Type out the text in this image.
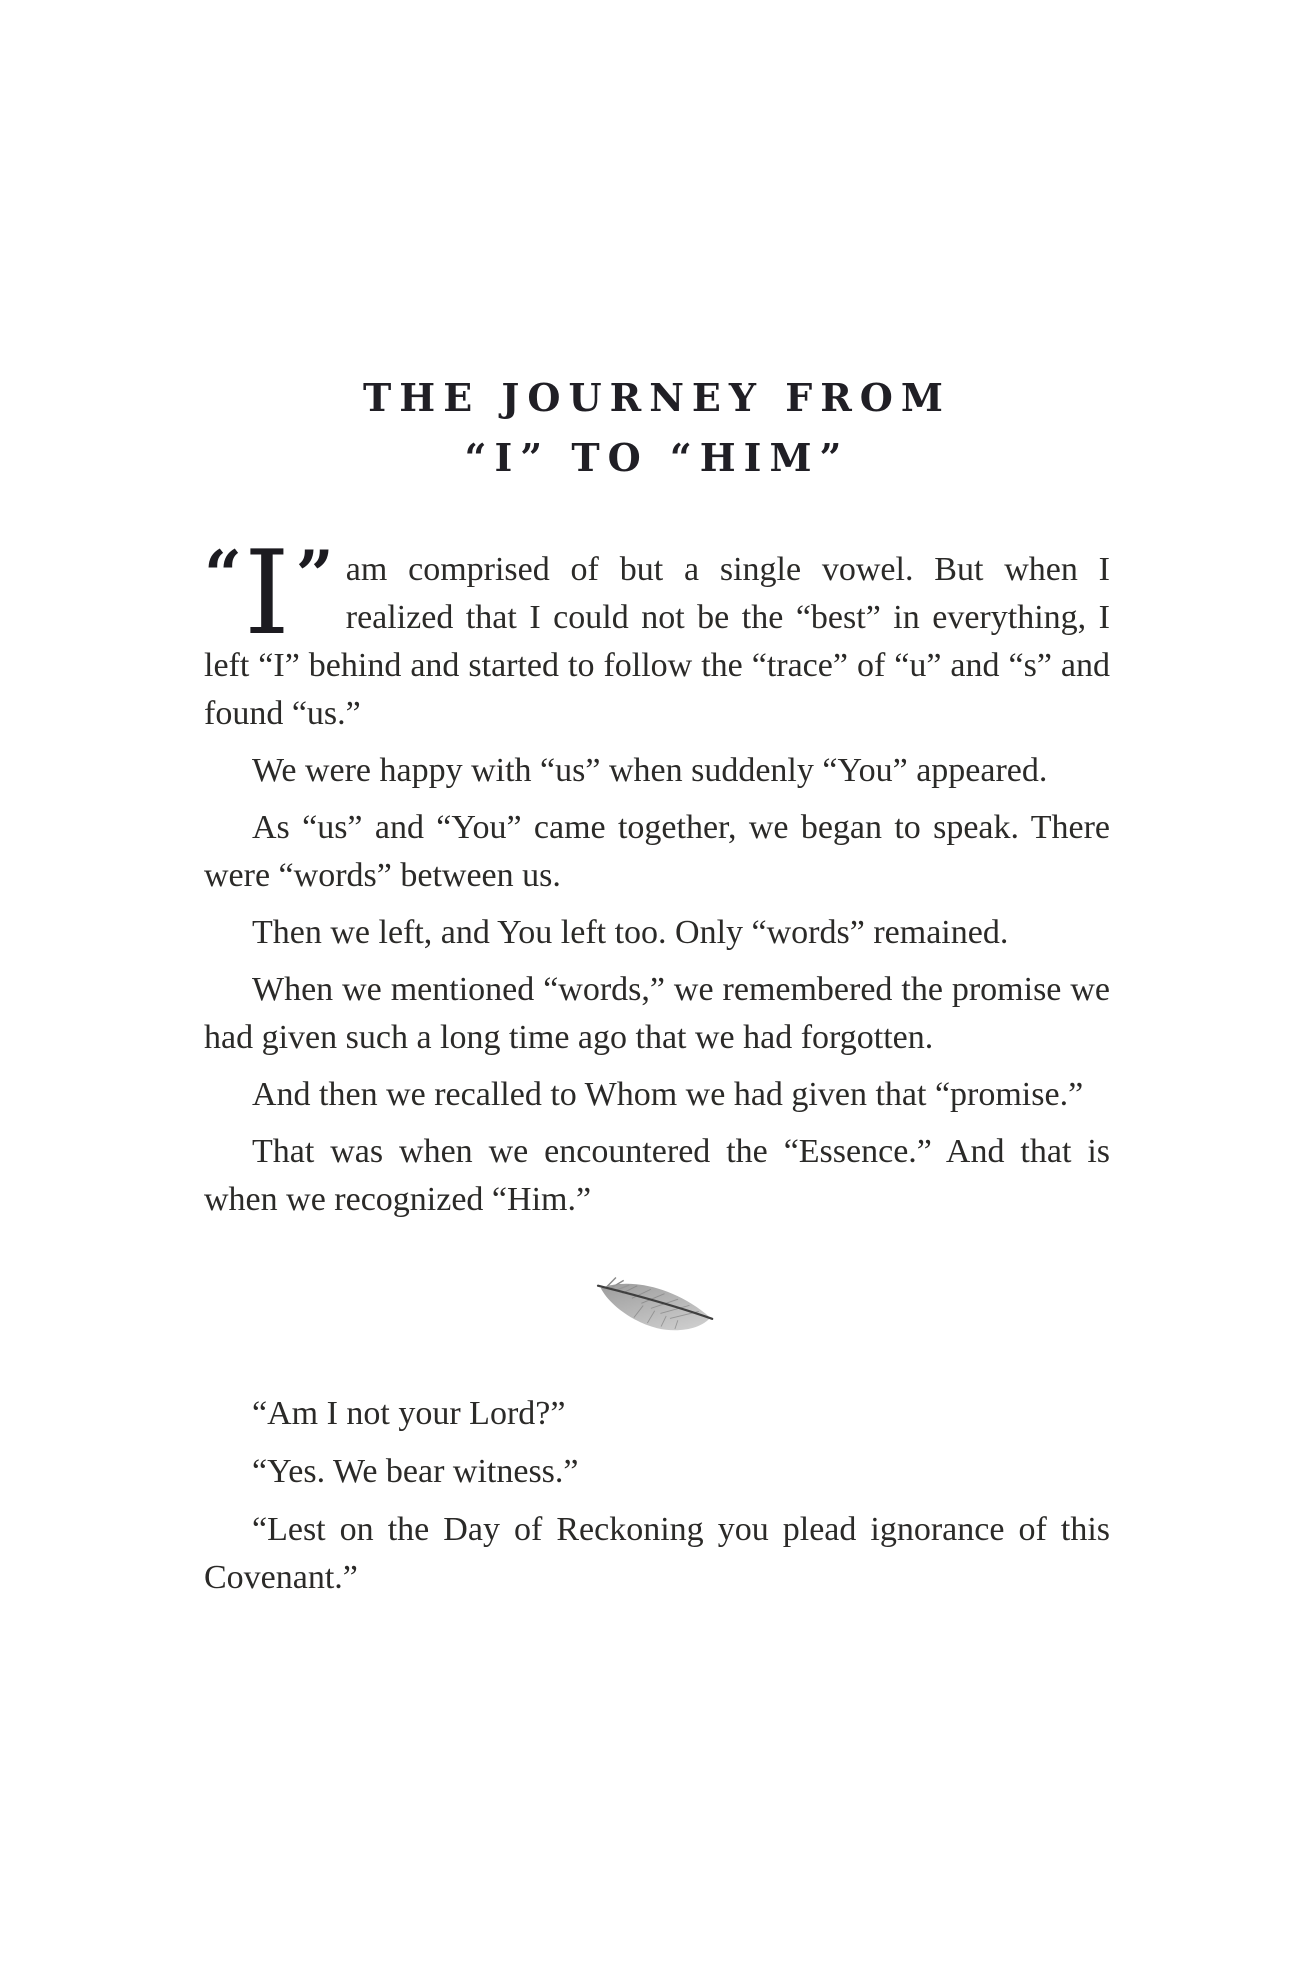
THE JOURNEY FROM
“I” TO “HIM”

“ I ” am comprised of but a single vowel. But when I realized that I could not be the “best” in everything, I left “I” behind and started to follow the “trace” of “u” and “s” and found “us.”

We were happy with “us” when suddenly “You” appeared.

As “us” and “You” came together, we began to speak. There were “words” between us.

Then we left, and You left too. Only “words” remained.

When we mentioned “words,” we remembered the promise we had given such a long time ago that we had forgotten.

And then we recalled to Whom we had given that “promise.”

That was when we encountered the “Essence.” And that is when we recognized “Him.”

“Am I not your Lord?”

“Yes. We bear witness.”

“Lest on the Day of Reckoning you plead ignorance of this Covenant.”
